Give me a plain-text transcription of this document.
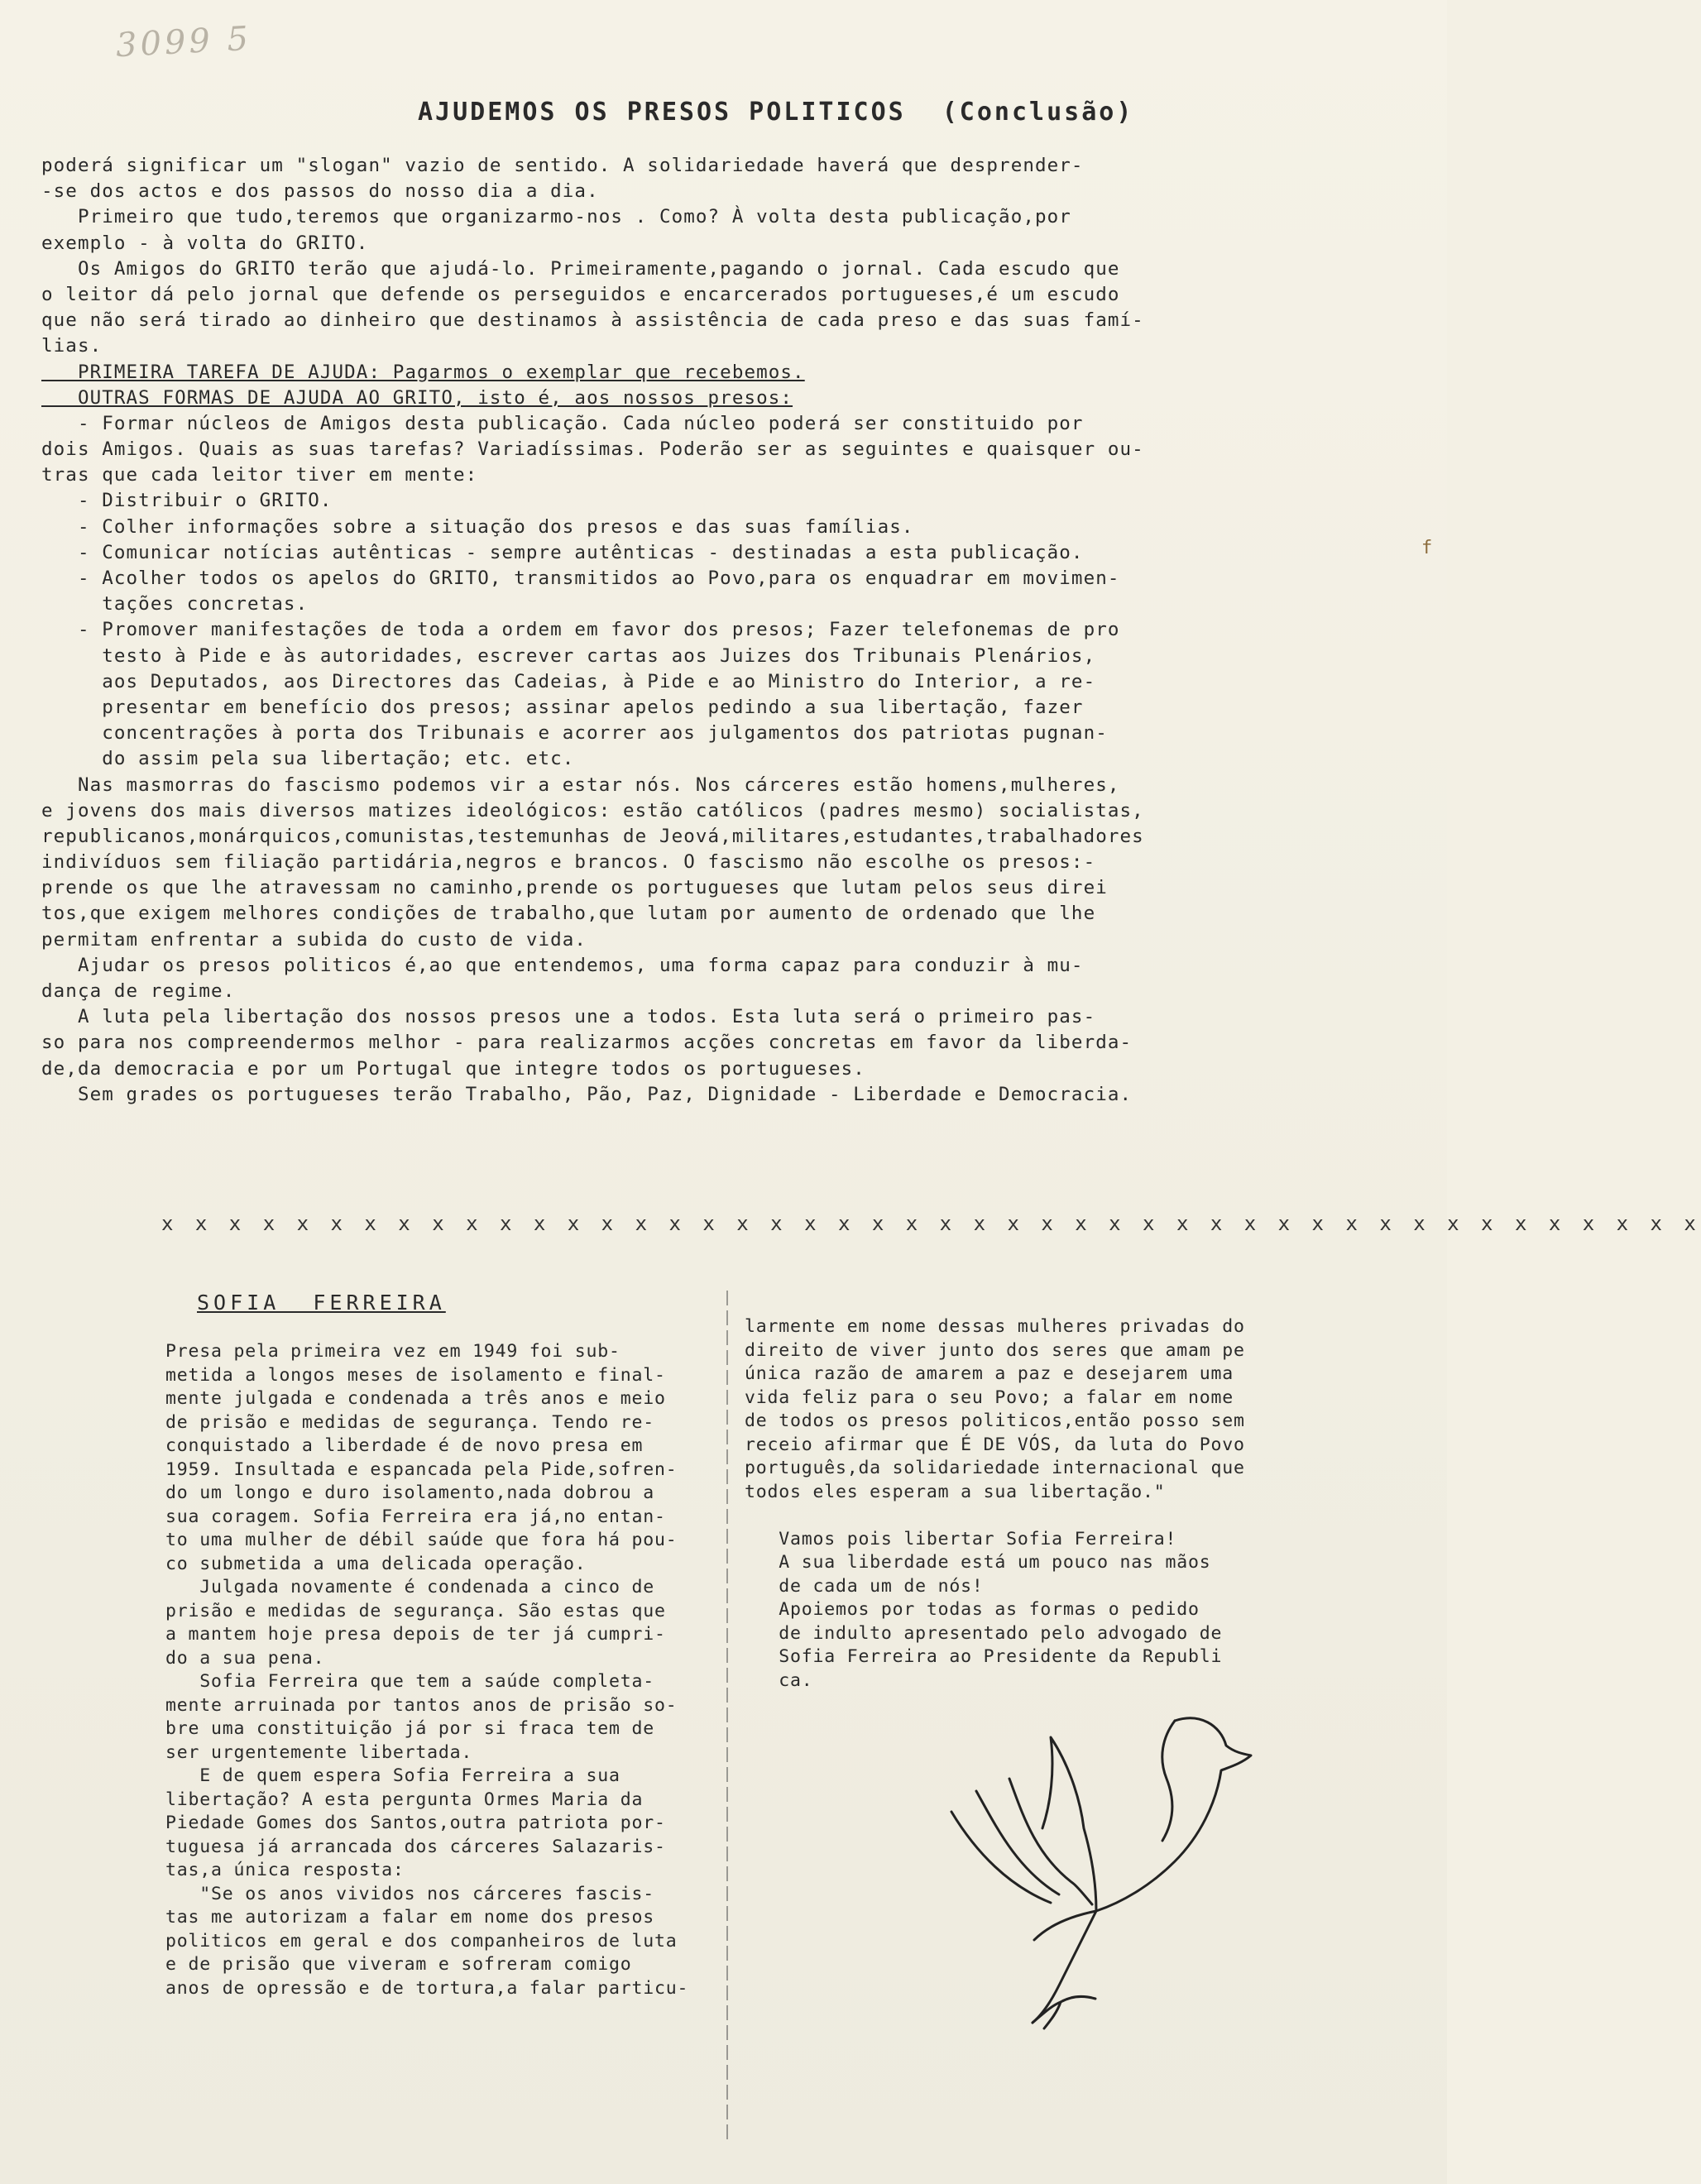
3099 5
AJUDEMOS OS PRESOS POLITICOS (Conclusão)

poderá significar um "slogan" vazio de sentido. A solidariedade haverá que desprender-

-se dos actos e dos passos do nosso dia a dia.

Primeiro que tudo,teremos que organizarmo-nos . Como? À volta desta publicação,por

exemplo - à volta do GRITO.

Os Amigos do GRITO terão que ajudá-lo. Primeiramente,pagando o jornal. Cada escudo que

o leitor dá pelo jornal que defende os perseguidos e encarcerados portugueses,é um escudo

que não será tirado ao dinheiro que destinamos à assistência de cada preso e das suas famí-

lias.

PRIMEIRA TAREFA DE AJUDA: Pagarmos o exemplar que recebemos.

OUTRAS FORMAS DE AJUDA AO GRITO, isto é, aos nossos presos:

- Formar núcleos de Amigos desta publicação. Cada núcleo poderá ser constituido por

dois Amigos. Quais as suas tarefas? Variadíssimas. Poderão ser as seguintes e quaisquer ou-

tras que cada leitor tiver em mente:

- Distribuir o GRITO.

- Colher informações sobre a situação dos presos e das suas famílias.

- Comunicar notícias autênticas - sempre autênticas - destinadas a esta publicação.

- Acolher todos os apelos do GRITO, transmitidos ao Povo,para os enquadrar em movimen-

tações concretas.

- Promover manifestações de toda a ordem em favor dos presos; Fazer telefonemas de pro

testo à Pide e às autoridades, escrever cartas aos Juizes dos Tribunais Plenários,

aos Deputados, aos Directores das Cadeias, à Pide e ao Ministro do Interior, a re-

presentar em benefício dos presos; assinar apelos pedindo a sua libertação, fazer

concentrações à porta dos Tribunais e acorrer aos julgamentos dos patriotas pugnan-

do assim pela sua libertação; etc. etc.

Nas masmorras do fascismo podemos vir a estar nós. Nos cárceres estão homens,mulheres,

e jovens dos mais diversos matizes ideológicos: estão católicos (padres mesmo) socialistas,

republicanos,monárquicos,comunistas,testemunhas de Jeová,militares,estudantes,trabalhadores

indivíduos sem filiação partidária,negros e brancos. O fascismo não escolhe os presos:-

prende os que lhe atravessam no caminho,prende os portugueses que lutam pelos seus direi

tos,que exigem melhores condições de trabalho,que lutam por aumento de ordenado que lhe

permitam enfrentar a subida do custo de vida.

Ajudar os presos politicos é,ao que entendemos, uma forma capaz para conduzir à mu-

dança de regime.

A luta pela libertação dos nossos presos une a todos. Esta luta será o primeiro pas-

so para nos compreendermos melhor - para realizarmos acções concretas em favor da liberda-

de,da democracia e por um Portugal que integre todos os portugueses.

Sem grades os portugueses terão Trabalho, Pão, Paz, Dignidade - Liberdade e Democracia.

x x x x x x x x x x x x x x x x x x x x x x x x x x x x x x x x x x x x x x x x x x x x x x
SOFIA  FERREIRA

Presa pela primeira vez em 1949 foi sub-

metida a longos meses de isolamento e final-

mente julgada e condenada a três anos e meio

de prisão e medidas de segurança. Tendo re-

conquistado a liberdade é de novo presa em

1959. Insultada e espancada pela Pide,sofren-

do um longo e duro isolamento,nada dobrou a

sua coragem. Sofia Ferreira era já,no entan-

to uma mulher de débil saúde que fora há pou-

co submetida a uma delicada operação.

Julgada novamente é condenada a cinco de

prisão e medidas de segurança. São estas que

a mantem hoje presa depois de ter já cumpri-

do a sua pena.

Sofia Ferreira que tem a saúde completa-

mente arruinada por tantos anos de prisão so-

bre uma constituição já por si fraca tem de

ser urgentemente libertada.

E de quem espera Sofia Ferreira a sua

libertação? A esta pergunta Ormes Maria da

Piedade Gomes dos Santos,outra patriota por-

tuguesa já arrancada dos cárceres Salazaris-

tas,a única resposta:

"Se os anos vividos nos cárceres fascis-

tas me autorizam a falar em nome dos presos

politicos em geral e dos companheiros de luta

e de prisão que viveram e sofreram comigo

anos de opressão e de tortura,a falar particu-

larmente em nome dessas mulheres privadas do

direito de viver junto dos seres que amam pe

única razão de amarem a paz e desejarem uma

vida feliz para o seu Povo; a falar em nome

de todos os presos politicos,então posso sem

receio afirmar que É DE VÓS, da luta do Povo

português,da solidariedade internacional que

todos eles esperam a sua libertação."

Vamos pois libertar Sofia Ferreira!

A sua liberdade está um pouco nas mãos

de cada um de nós!

Apoiemos por todas as formas o pedido

de indulto apresentado pelo advogado de

Sofia Ferreira ao Presidente da Republi

ca.

f
